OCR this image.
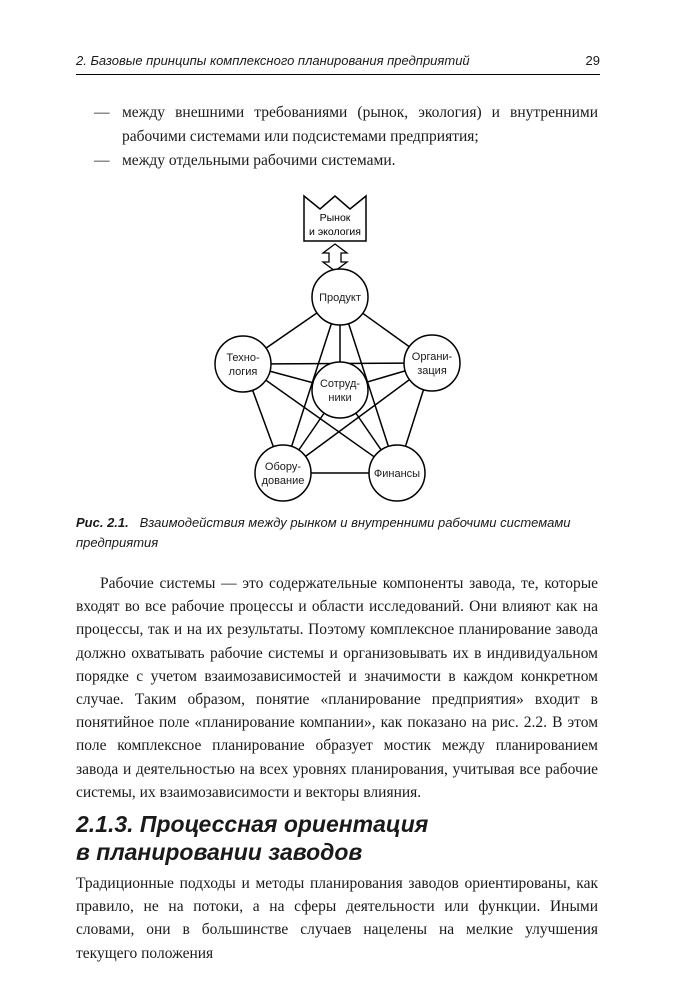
2. Базовые принципы комплексного планирования предприятий	29
— между внешними требованиями (рынок, экология) и внутренними рабочими системами или подсистемами предприятия;
— между отдельными рабочими системами.
Рынок
и экология
Продукт
Техно-
логия
Органи-
зация
Сотруд-
ники
Обору-
дование
Финансы
Рис. 2.1. Взаимодействия между рынком и внутренними рабочими системами предприятия

Рабочие системы — это содержательные компоненты завода, те, которые входят во все рабочие процессы и области исследований. Они влияют как на процессы, так и на их результаты. Поэтому комплексное планирование завода должно охватывать рабочие системы и организовывать их в индивидуальном порядке с учетом взаимозависимостей и значимости в каждом конкретном случае. Таким образом, понятие «планирование предприятия» входит в понятийное поле «планирование компании», как показано на рис. 2.2. В этом поле комплексное планирование образует мостик между планированием завода и деятельностью на всех уровнях планирования, учитывая все рабочие системы, их взаимозависимости и векторы влияния.

2.1.3. Процессная ориентация
в планировании заводов

Традиционные подходы и методы планирования заводов ориентированы, как правило, не на потоки, а на сферы деятельности или функции. Иными словами, они в большинстве случаев нацелены на мелкие улучшения текущего положения
